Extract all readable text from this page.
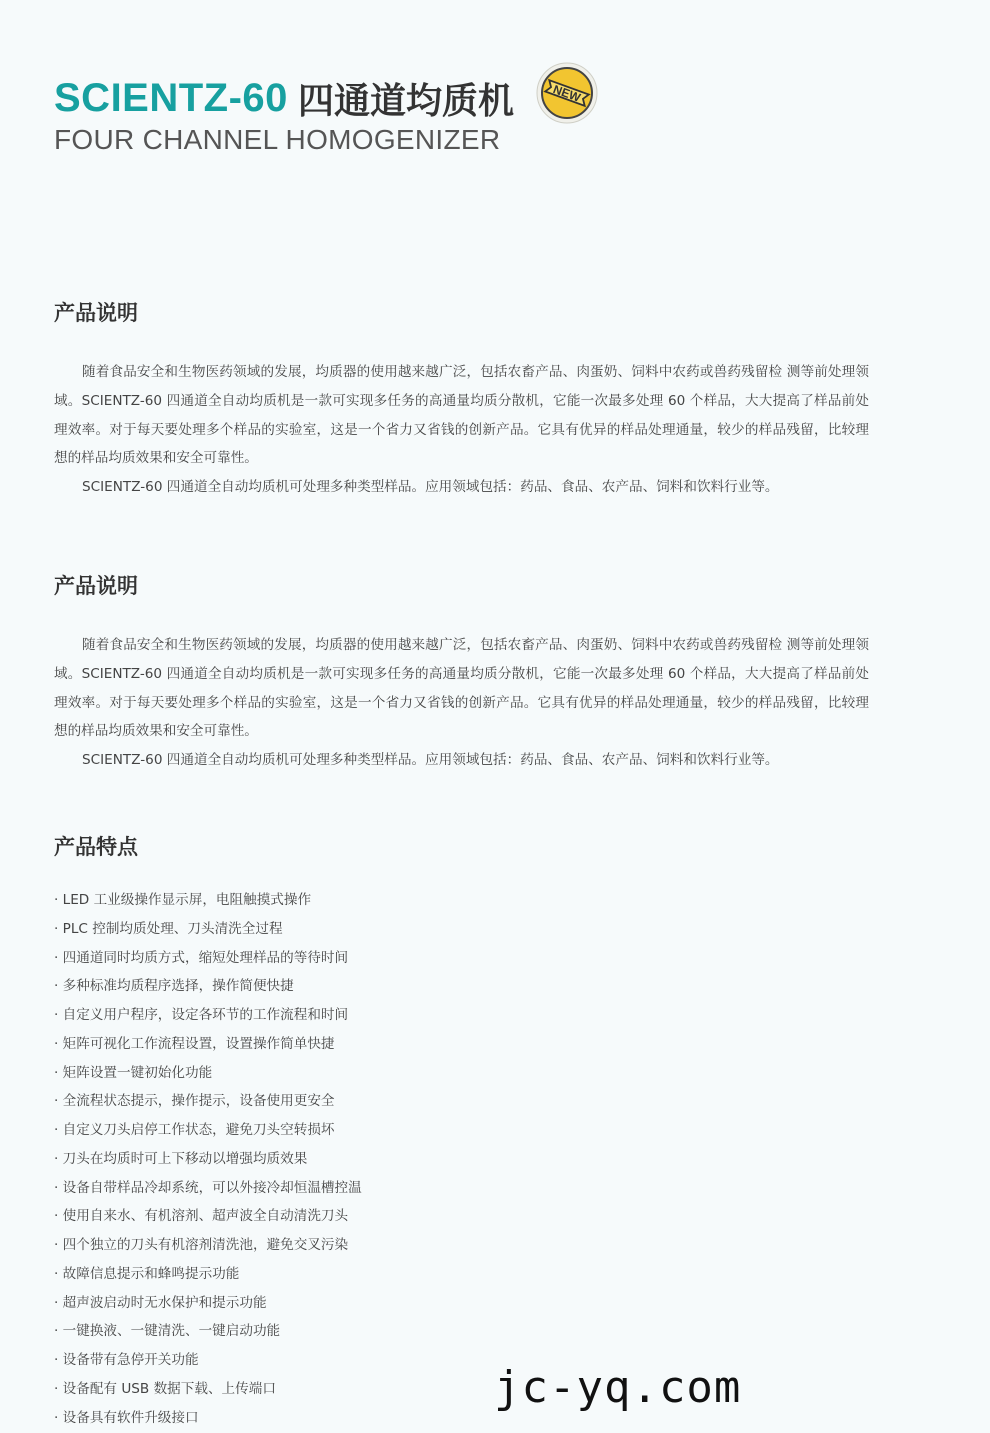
SCIENTZ-60 四通道均质机	NEW
FOUR CHANNEL HOMOGENIZER
产品说明

随着食品安全和生物医药领域的发展，均质器的使用越来越广泛，包括农畜产品、肉蛋奶、饲料中农药或兽药残留检 测等前处理领域。SCIENTZ-60 四通道全自动均质机是一款可实现多任务的高通量均质分散机，它能一次最多处理 60 个样品，大大提高了样品前处理效率。对于每天要处理多个样品的实验室，这是一个省力又省钱的创新产品。它具有优异的样品处理通量，较少的样品残留，比较理想的样品均质效果和安全可靠性。

SCIENTZ-60 四通道全自动均质机可处理多种类型样品。应用领域包括：药品、食品、农产品、饲料和饮料行业等。

产品说明

随着食品安全和生物医药领域的发展，均质器的使用越来越广泛，包括农畜产品、肉蛋奶、饲料中农药或兽药残留检 测等前处理领域。SCIENTZ-60 四通道全自动均质机是一款可实现多任务的高通量均质分散机，它能一次最多处理 60 个样品，大大提高了样品前处理效率。对于每天要处理多个样品的实验室，这是一个省力又省钱的创新产品。它具有优异的样品处理通量，较少的样品残留，比较理想的样品均质效果和安全可靠性。

SCIENTZ-60 四通道全自动均质机可处理多种类型样品。应用领域包括：药品、食品、农产品、饲料和饮料行业等。

产品特点
· LED 工业级操作显示屏，电阻触摸式操作
· PLC 控制均质处理、刀头清洗全过程
· 四通道同时均质方式，缩短处理样品的等待时间
· 多种标准均质程序选择，操作简便快捷
· 自定义用户程序，设定各环节的工作流程和时间
· 矩阵可视化工作流程设置，设置操作简单快捷
· 矩阵设置一键初始化功能
· 全流程状态提示，操作提示，设备使用更安全
· 自定义刀头启停工作状态，避免刀头空转损坏
· 刀头在均质时可上下移动以增强均质效果
· 设备自带样品冷却系统，可以外接冷却恒温槽控温
· 使用自来水、有机溶剂、超声波全自动清洗刀头
· 四个独立的刀头有机溶剂清洗池，避免交叉污染
· 故障信息提示和蜂鸣提示功能
· 超声波启动时无水保护和提示功能
· 一键换液、一键清洗、一键启动功能
· 设备带有急停开关功能
· 设备配有 USB 数据下载、上传端口
· 设备具有软件升级接口
jc-yq.com
